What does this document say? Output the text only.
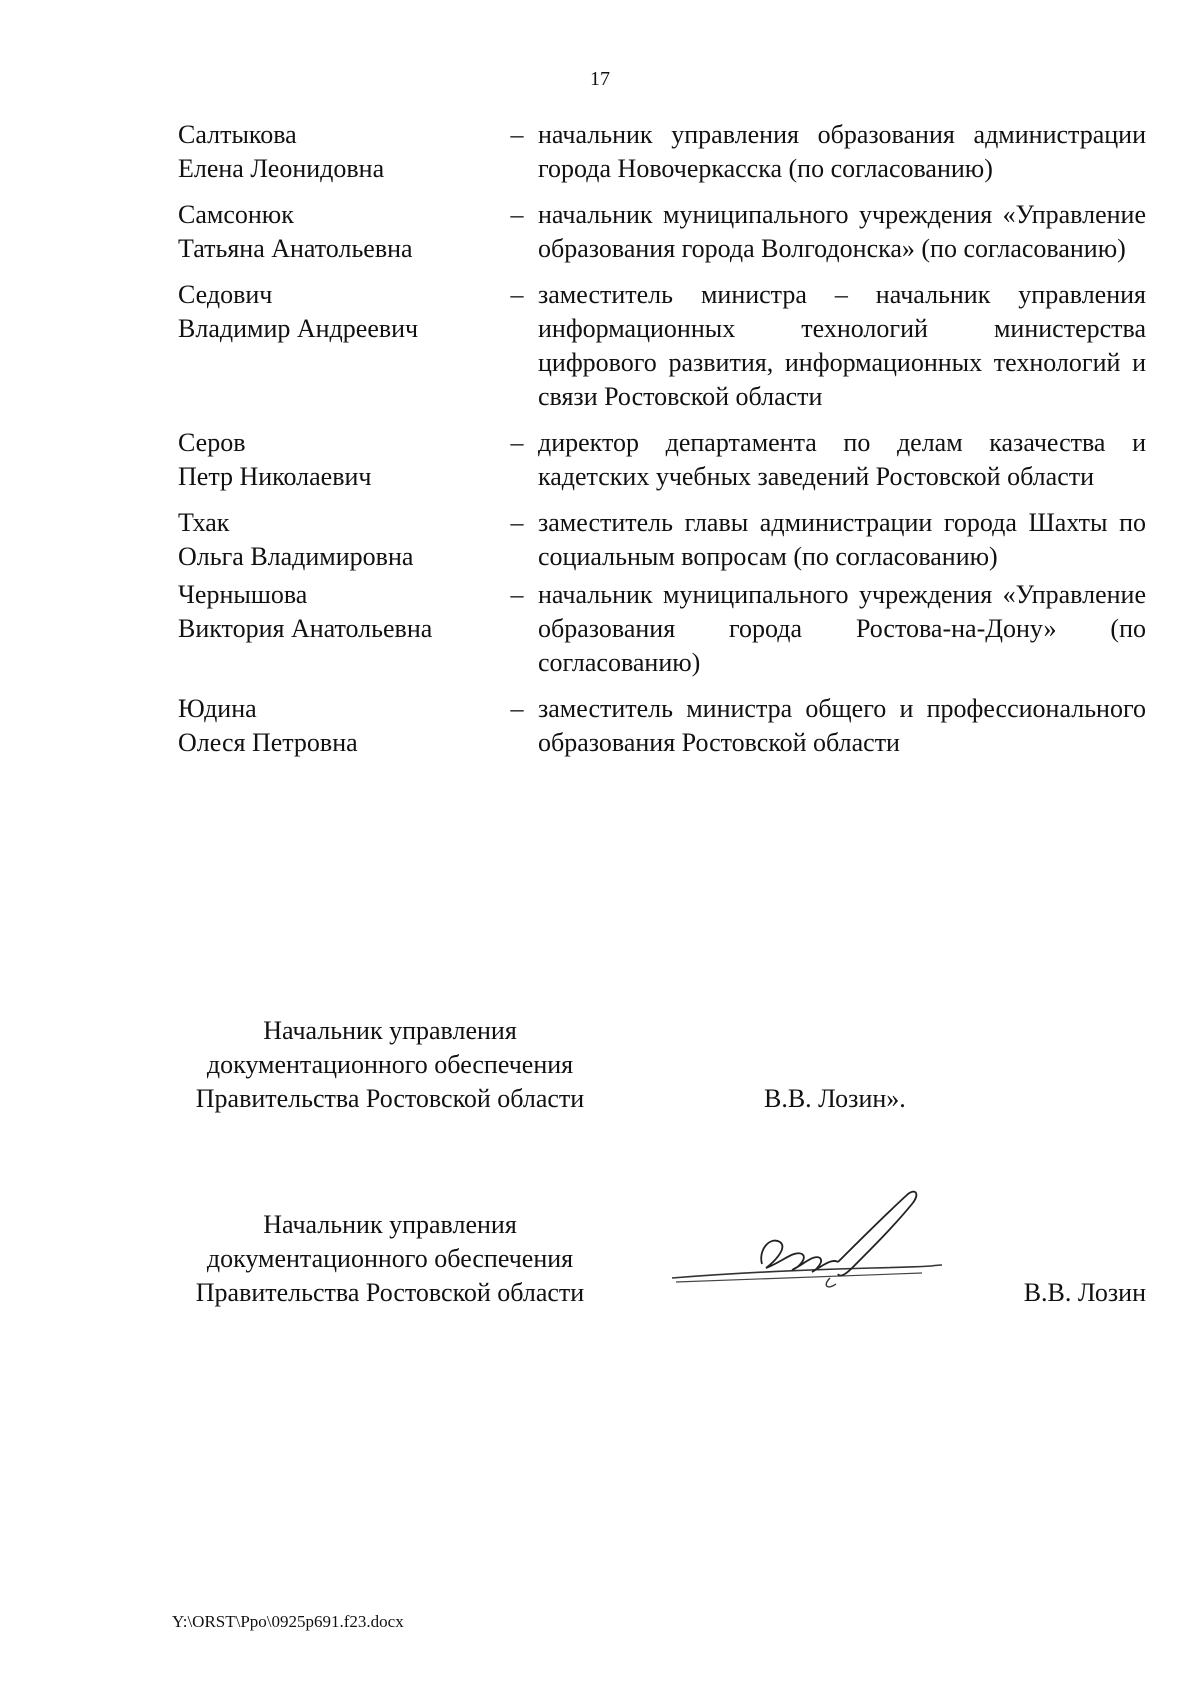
17
Салтыкова
Елена Леонидовна
– начальник управления образования администрации города Новочеркасска (по согласованию)
Самсонюк
Татьяна Анатольевна
– начальник муниципального учреждения «Управление образования города Волгодонска» (по согласованию)
Седович
Владимир Андреевич
– заместитель министра – начальник управления информационных технологий министерства цифрового развития, информационных технологий и связи Ростовской области
Серов
Петр Николаевич
– директор департамента по делам казачества и кадетских учебных заведений Ростовской области
Тхак
Ольга Владимировна
– заместитель главы администрации города Шахты по социальным вопросам (по согласованию)
Чернышова
Виктория Анатольевна
– начальник муниципального учреждения «Управление образования города Ростова-на-Дону» (по согласованию)
Юдина
Олеся Петровна
– заместитель министра общего и профессионального образования Ростовской области
Начальник управления
документационного обеспечения
Правительства Ростовской области	В.В. Лозин».
Начальник управления
документационного обеспечения
Правительства Ростовской области	В.В. Лозин
Y:\ORST\Ppo\0925p691.f23.docx
